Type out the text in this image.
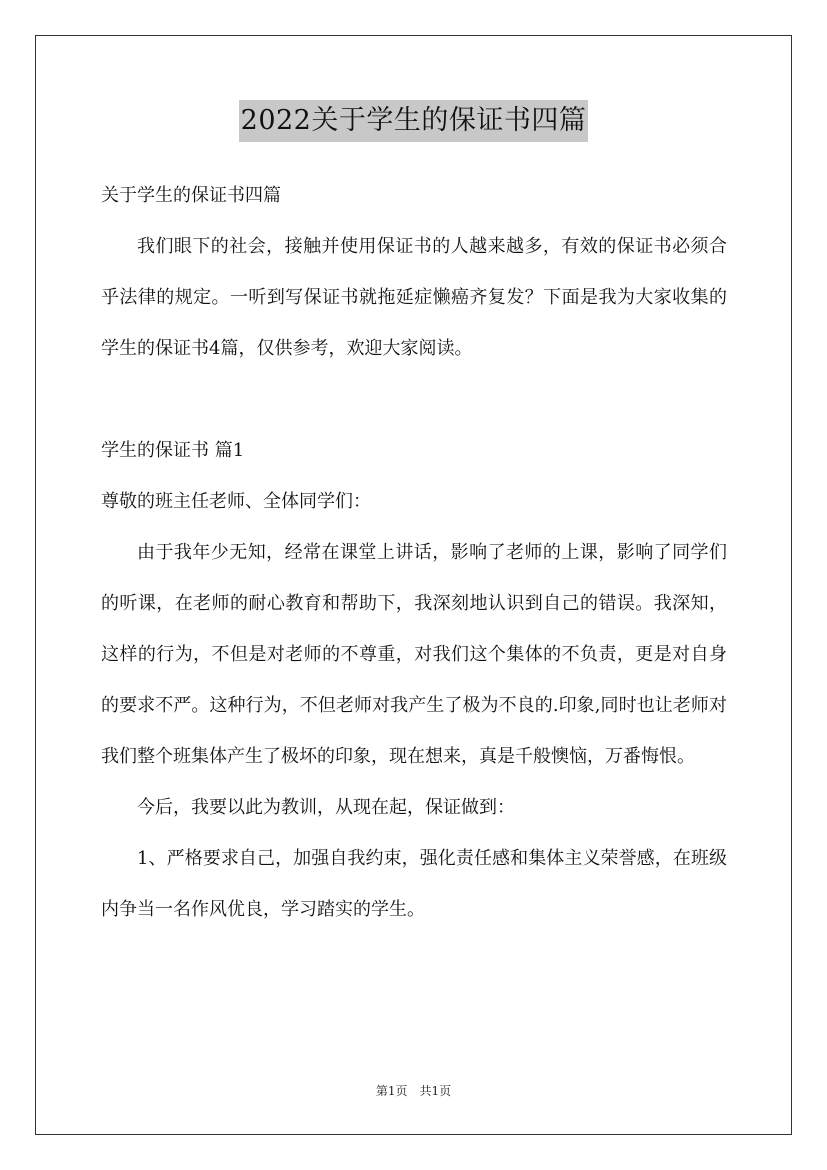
2022关于学生的保证书四篇

关于学生的保证书四篇

我们眼下的社会，接触并使用保证书的人越来越多，有效的保证书必须合乎法律的规定。一听到写保证书就拖延症懒癌齐复发？下面是我为大家收集的学生的保证书4篇，仅供参考，欢迎大家阅读。

学生的保证书 篇1

尊敬的班主任老师、全体同学们：

由于我年少无知，经常在课堂上讲话，影响了老师的上课，影响了同学们的听课，在老师的耐心教育和帮助下，我深刻地认识到自己的错误。我深知，这样的行为，不但是对老师的不尊重，对我们这个集体的不负责，更是对自身的要求不严。这种行为，不但老师对我产生了极为不良的.印象,同时也让老师对我们整个班集体产生了极坏的印象，现在想来，真是千般懊恼，万番悔恨。

今后，我要以此为教训，从现在起，保证做到：

1、严格要求自己，加强自我约束，强化责任感和集体主义荣誉感，在班级内争当一名作风优良，学习踏实的学生。

第1页 共1页
